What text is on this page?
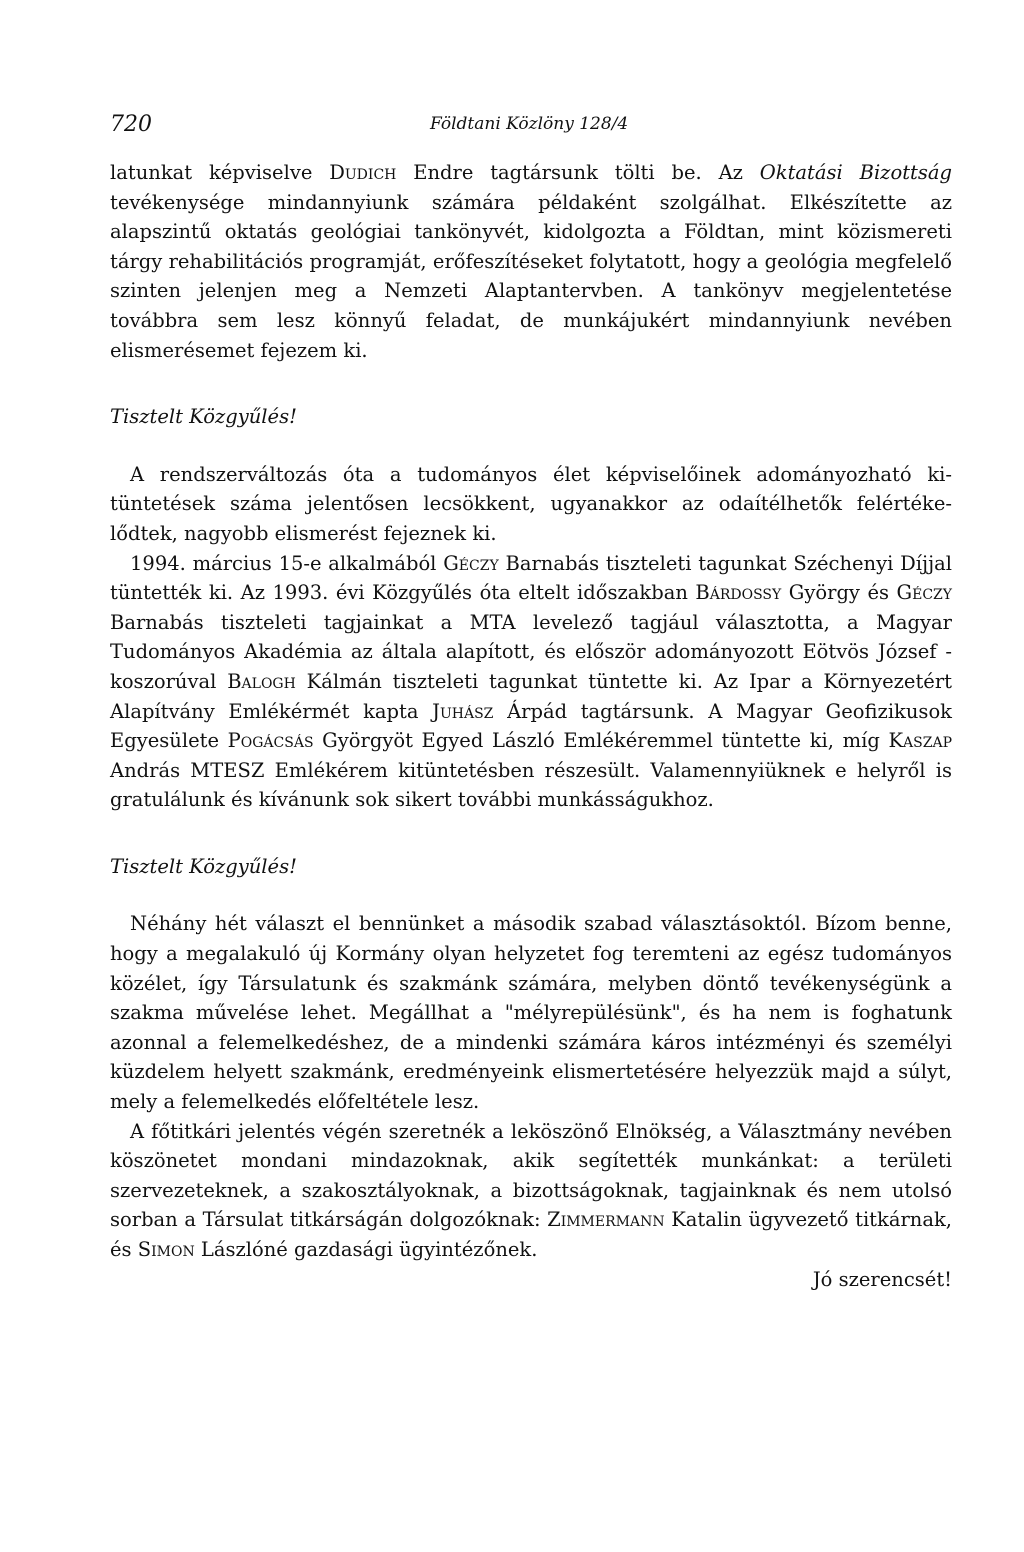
720	Földtani Közlöny 128/4

latunkat képviselve Dudich Endre tagtársunk tölti be. Az Oktatási Bizottság tevékenysége mindannyiunk számára példaként szolgálhat. Elkészítette az alapszintű oktatás geológiai tankönyvét, kidolgozta a Földtan, mint közismereti tárgy rehabilitációs programját, erőfeszítéseket folytatott, hogy a geológia megfelelő szinten jelenjen meg a Nemzeti Alaptantervben. A tankönyv megjelentetése továbbra sem lesz könnyű feladat, de munkájukért mindannyiunk nevében elismerésemet fejezem ki.

Tisztelt Közgyűlés!

A rendszerváltozás óta a tudományos élet képviselőinek adományozható kitüntetések száma jelentősen lecsökkent, ugyanakkor az odaítélhetők felértékelődtek, nagyobb elismerést fejeznek ki.

1994. március 15-e alkalmából Géczy Barnabás tiszteleti tagunkat Széchenyi Díjjal tüntették ki. Az 1993. évi Közgyűlés óta eltelt időszakban Bárdossy György és Géczy Barnabás tiszteleti tagjainkat a MTA levelező tagjául választotta, a Magyar Tudományos Akadémia az általa alapított, és először adományozott Eötvös József - koszorúval Balogh Kálmán tiszteleti tagunkat tüntette ki. Az Ipar a Környezetért Alapítvány Emlékérmét kapta Juhász Árpád tagtársunk. A Magyar Geofizikusok Egyesülete Pogácsás Györgyöt Egyed László Emlékéremmel tüntette ki, míg Kaszap András MTESZ Emlékérem kitüntetésben részesült. Valamennyiüknek e helyről is gratulálunk és kívánunk sok sikert további munkásságukhoz.

Tisztelt Közgyűlés!

Néhány hét választ el bennünket a második szabad választásoktól. Bízom benne, hogy a megalakuló új Kormány olyan helyzetet fog teremteni az egész tudományos közélet, így Társulatunk és szakmánk számára, melyben döntő tevékenységünk a szakma művelése lehet. Megállhat a "mélyrepülésünk", és ha nem is foghatunk azonnal a felemelkedéshez, de a mindenki számára káros intézményi és személyi küzdelem helyett szakmánk, eredményeink elismertetésére helyezzük majd a súlyt, mely a felemelkedés előfeltétele lesz.

A főtitkári jelentés végén szeretnék a leköszönő Elnökség, a Választmány nevében köszönetet mondani mindazoknak, akik segítették munkánkat: a területi szervezeteknek, a szakosztályoknak, a bizottságoknak, tagjainknak és nem utolsó sorban a Társulat titkárságán dolgozóknak: Zimmermann Katalin ügyvezető titkárnak, és Simon Lászlóné gazdasági ügyintézőnek.

Jó szerencsét!
